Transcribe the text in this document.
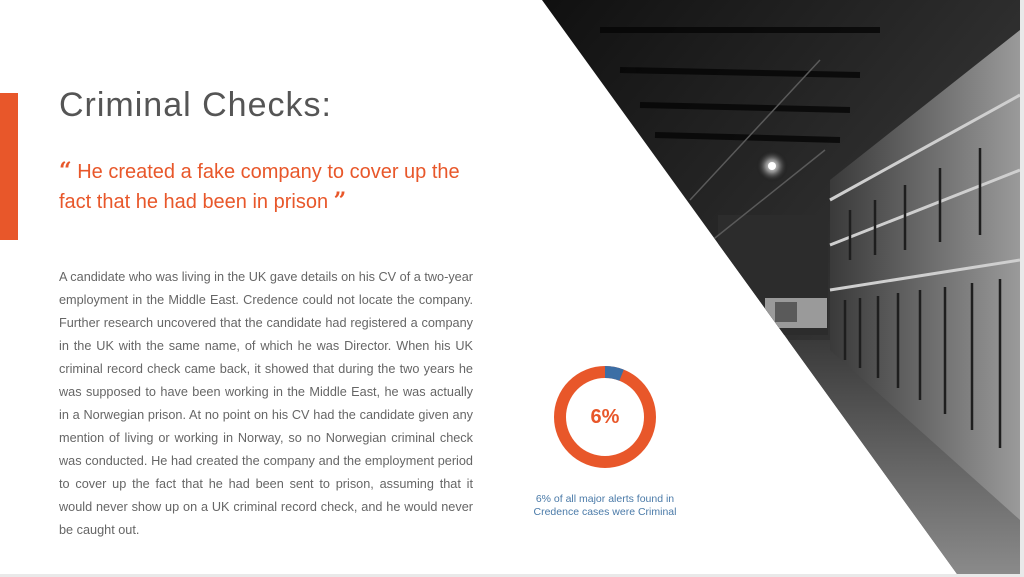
Criminal Checks:
“ He created a fake company to cover up the fact that he had been in prison ”

A candidate who was living in the UK gave details on his CV of a two-year employment in the Middle East. Credence could not locate the company. Further research uncovered that the candidate had registered a company in the UK with the same name, of which he was Director. When his UK criminal record check came back, it showed that during the two years he was supposed to have been working in the Middle East, he was actually in a Norwegian prison. At no point on his CV had the candidate given any mention of living or working in Norway, so no Norwegian criminal check was conducted. He had created the company and the employment period to cover up the fact that he had been sent to prison, assuming that it would never show up on a UK criminal record check, and he would never be caught out.

6%
6% of all major alerts found in Credence cases were Criminal
